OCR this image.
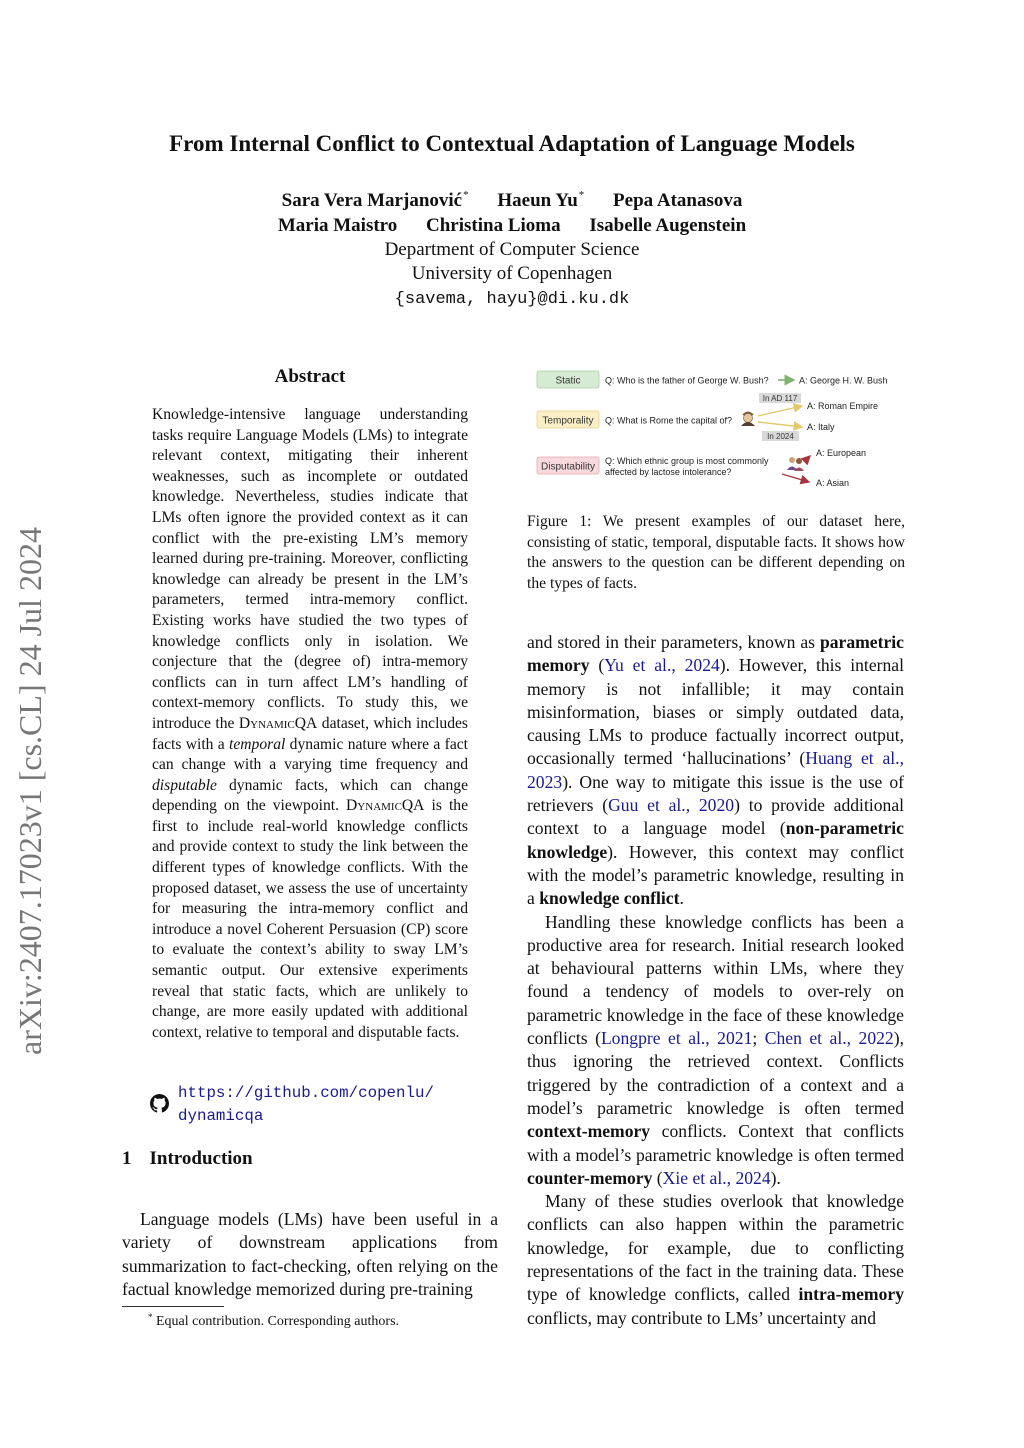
arXiv:2407.17023v1 [cs.CL] 24 Jul 2024
From Internal Conflict to Contextual Adaptation of Language Models
Sara Vera Marjanović* Haeun Yu* Pepa Atanasova
Maria Maistro Christina Lioma Isabelle Augenstein
Department of Computer Science
University of Copenhagen
{savema, hayu}@di.ku.dk
Abstract
Knowledge-intensive language understanding tasks require Language Models (LMs) to integrate relevant context, mitigating their inherent weaknesses, such as incomplete or outdated knowledge. Nevertheless, studies indicate that LMs often ignore the provided context as it can conflict with the pre-existing LM’s memory learned during pre-training. Moreover, conflicting knowledge can already be present in the LM’s parameters, termed intra-memory conflict. Existing works have studied the two types of knowledge conflicts only in isolation. We conjecture that the (degree of) intra-memory conflicts can in turn affect LM’s handling of context-memory conflicts. To study this, we introduce the DynamicQA dataset, which includes facts with a temporal dynamic nature where a fact can change with a varying time frequency and disputable dynamic facts, which can change depending on the viewpoint. DynamicQA is the first to include real-world knowledge conflicts and provide context to study the link between the different types of knowledge conflicts. With the proposed dataset, we assess the use of uncertainty for measuring the intra-memory conflict and introduce a novel Coherent Persuasion (CP) score to evaluate the context’s ability to sway LM’s semantic output. Our extensive experiments reveal that static facts, which are unlikely to change, are more easily updated with additional context, relative to temporal and disputable facts.
https://github.com/copenlu/
dynamicqa
1 Introduction
Language models (LMs) have been useful in a variety of downstream applications from summarization to fact-checking, often relying on the factual knowledge memorized during pre-training
* Equal contribution. Corresponding authors.
Static	Q: Who is the father of George W. Bush?	A: George H. W. Bush
Temporality Q: What is Rome the capital of?
In AD 117
In 2024
A: Roman Empire
A: Italy
Disputability
Q: Which ethnic group is most commonly
affected by lactose intolerance?
A: European
A: Asian
Figure 1: We present examples of our dataset here, consisting of static, temporal, disputable facts. It shows how the answers to the question can be different depending on the types of facts.

and stored in their parameters, known as parametric memory (Yu et al., 2024). However, this internal memory is not infallible; it may contain misinformation, biases or simply outdated data, causing LMs to produce factually incorrect output, occasionally termed ‘hallucinations’ (Huang et al., 2023). One way to mitigate this issue is the use of retrievers (Guu et al., 2020) to provide additional context to a language model (non-parametric knowledge). However, this context may conflict with the model’s parametric knowledge, resulting in a knowledge conflict.

Handling these knowledge conflicts has been a productive area for research. Initial research looked at behavioural patterns within LMs, where they found a tendency of models to over-rely on parametric knowledge in the face of these knowledge conflicts (Longpre et al., 2021; Chen et al., 2022), thus ignoring the retrieved context. Conflicts triggered by the contradiction of a context and a model’s parametric knowledge is often termed context-memory conflicts. Context that conflicts with a model’s parametric knowledge is often termed counter-memory (Xie et al., 2024).

Many of these studies overlook that knowledge conflicts can also happen within the parametric knowledge, for example, due to conflicting representations of the fact in the training data. These type of knowledge conflicts, called intra-memory conflicts, may contribute to LMs’ uncertainty and
